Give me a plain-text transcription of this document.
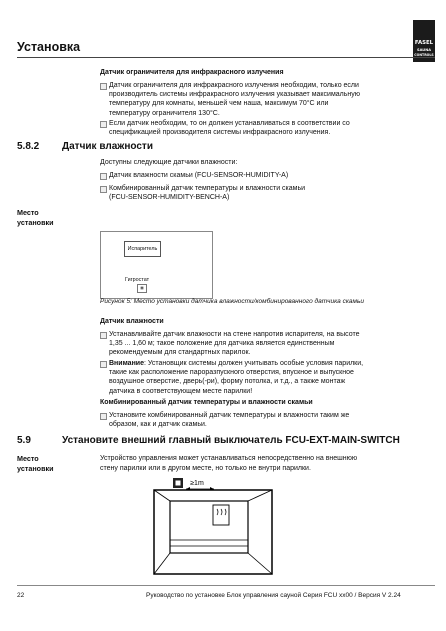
FASEL
SAUNA
CONTROLS
Установка
Датчик ограничителя для инфракрасного излучения
Датчик ограничителя для инфракрасного излучения необходим, только если
производитель системы инфракрасного излучения указывает максимальную
температуру для комнаты, меньшей чем наша, максимум 70°C или
температуру ограничителя 130°C.
Если датчик необходим, то он должен устанавливаться в соответствии со
спецификацией производителя системы инфракрасного излучения.
5.8.2 Датчик влажности
Доступны следующие датчики влажности:
Датчик влажности скамьи (FCU-SENSOR-HUMIDITY-A)
Комбинированный датчик температуры и влажности скамьи
(FCU-SENSOR-HUMIDITY-BENCH-A)
Место
установки
Испаритель
Гигростат
▦
Рисунок 5: Место установки датчика влажности/комбинированного датчика скамьи
Датчик влажности
Устанавливайте датчик влажности на стене напротив испарителя, на высоте
1,35 ... 1,60 м; такое положение для датчика является единственным
рекомендуемым для стандартных парилок.
Внимание: Установщик системы должен учитывать особые условия парилки,
такие как расположение пароразпускного отверстия, впускное и выпускное
воздушное отверстие, дверь(-ри), форму потолка, и т.д., а также монтаж
датчика в соответствующем месте парилки!
Комбинированный датчик температуры и влажности скамьи
Установите комбинированный датчик температуры и влажности таким же
образом, как и датчик скамьи.
5.9	Установите внешний главный выключатель FCU-EXT-MAIN-SWITCH
Место
установки
Устройство управления может устанавливаться непосредственно на внешнюю
стену парилки или в другом месте, но только не внутри парилки.
≥1m
22	Руководство по установке Блок управления сауной Серия FCU xx00 / Версия V 2.24
